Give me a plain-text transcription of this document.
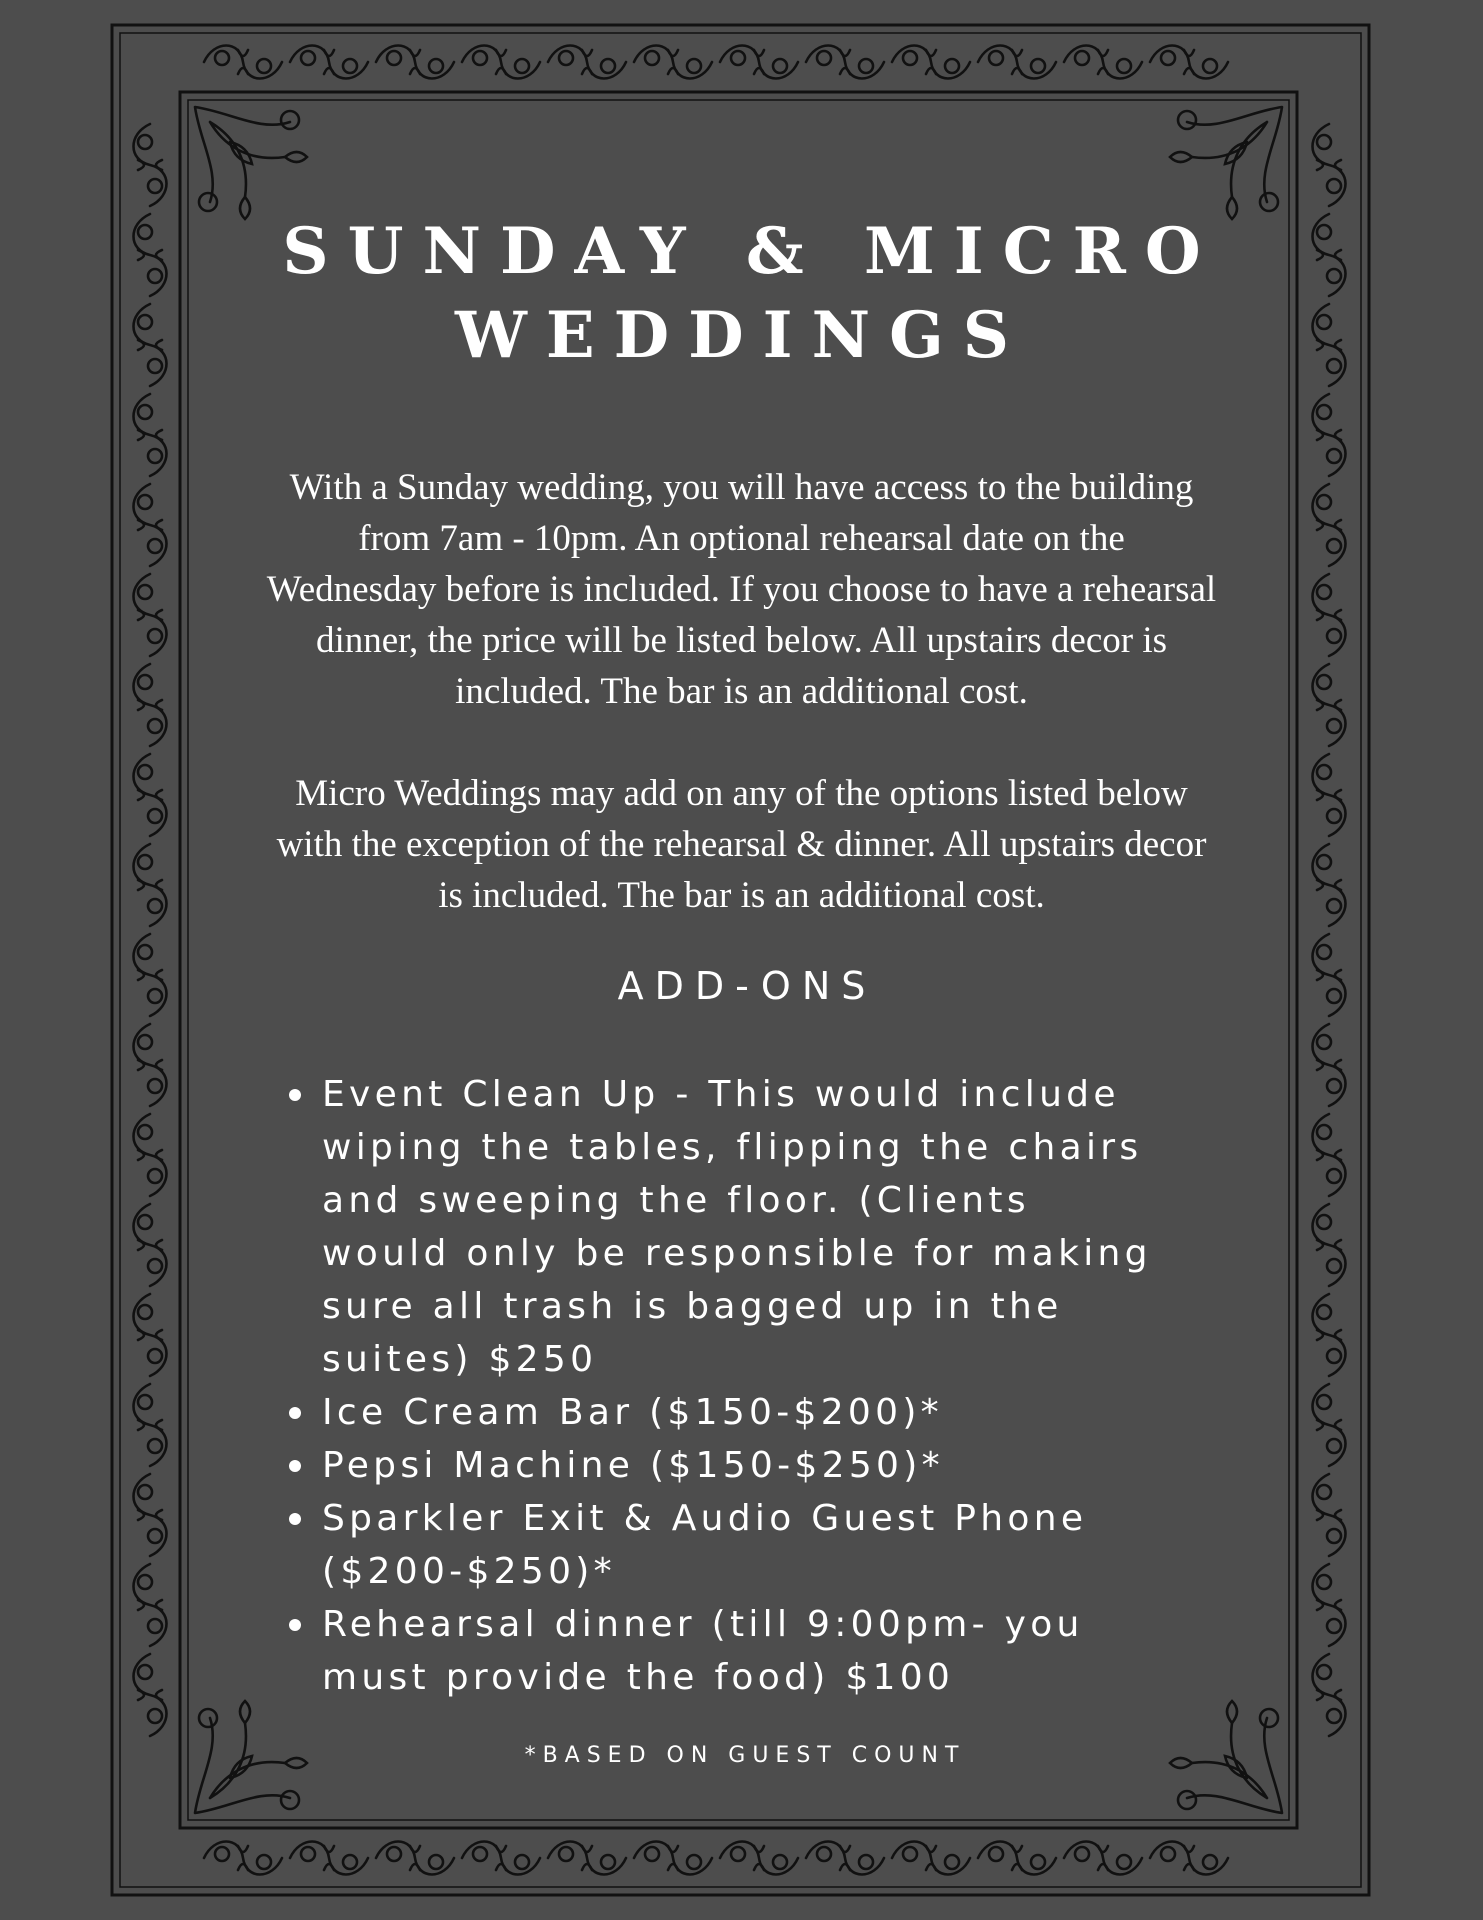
SUNDAY & MICRO
WEDDINGS

With a Sunday wedding, you will have access to the building
from 7am - 10pm. An optional rehearsal date on the
Wednesday before is included. If you choose to have a rehearsal
dinner, the price will be listed below. All upstairs decor is
included. The bar is an additional cost.

Micro Weddings may add on any of the options listed below
with the exception of the rehearsal & dinner. All upstairs decor
is included. The bar is an additional cost.

ADD-ONS
Event Clean Up - This would include
wiping the tables, flipping the chairs
and sweeping the floor. (Clients
would only be responsible for making
sure all trash is bagged up in the
suites) $250
Ice Cream Bar ($150-$200)*
Pepsi Machine ($150-$250)*
Sparkler Exit & Audio Guest Phone
($200-$250)*
Rehearsal dinner (till 9:00pm- you
must provide the food) $100

*BASED ON GUEST COUNT
